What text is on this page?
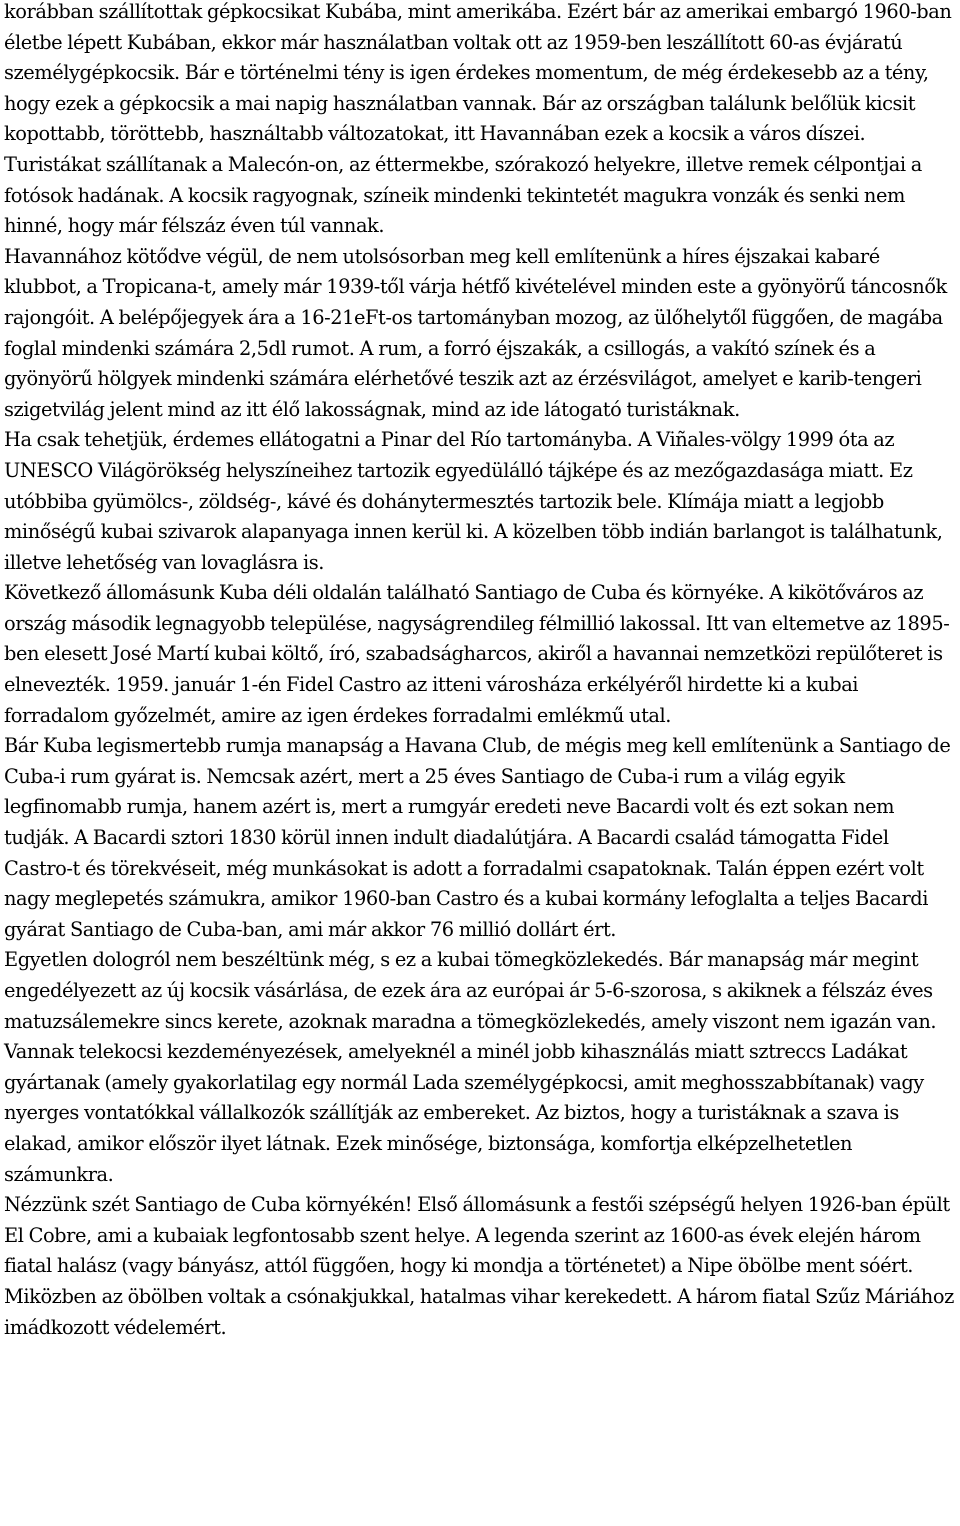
korábban szállítottak gépkocsikat Kubába, mint amerikába. Ezért bár az amerikai embargó 1960-ban életbe lépett Kubában, ekkor már használatban voltak ott az 1959-ben leszállított 60-as évjáratú személygépkocsik. Bár e történelmi tény is igen érdekes momentum, de még érdekesebb az a tény, hogy ezek a gépkocsik a mai napig használatban vannak. Bár az országban találunk belőlük kicsit kopottabb, töröttebb, használtabb változatokat, itt Havannában ezek a kocsik a város díszei. Turistákat szállítanak a Malecón-on, az éttermekbe, szórakozó helyekre, illetve remek célpontjai a fotósok hadának. A kocsik ragyognak, színeik mindenki tekintetét magukra vonzák és senki nem hinné, hogy már félszáz éven túl vannak.

Havannához kötődve végül, de nem utolsósorban meg kell említenünk a híres éjszakai kabaré klubbot, a Tropicana-t, amely már 1939-től várja hétfő kivételével minden este a gyönyörű táncosnők rajongóit. A belépőjegyek ára a 16-21eFt-os tartományban mozog, az ülőhelytől függően, de magába foglal mindenki számára 2,5dl rumot. A rum, a forró éjszakák, a csillogás, a vakító színek és a gyönyörű hölgyek mindenki számára elérhetővé teszik azt az érzésvilágot, amelyet e karib-tengeri szigetvilág jelent mind az itt élő lakosságnak, mind az ide látogató turistáknak.

Ha csak tehetjük, érdemes ellátogatni a Pinar del Río tartományba. A Viñales-völgy 1999 óta az UNESCO Világörökség helyszíneihez tartozik egyedülálló tájképe és az mezőgazdasága miatt. Ez utóbbiba gyümölcs-, zöldség-, kávé és dohánytermesztés tartozik bele. Klímája miatt a legjobb minőségű kubai szivarok alapanyaga innen kerül ki. A közelben több indián barlangot is találhatunk, illetve lehetőség van lovaglásra is.

Következő állomásunk Kuba déli oldalán található Santiago de Cuba és környéke. A kikötőváros az ország második legnagyobb települése, nagyságrendileg félmillió lakossal. Itt van eltemetve az 1895-ben elesett José Martí kubai költő, író, szabadságharcos, akiről a havannai nemzetközi repülőteret is elnevezték. 1959. január 1-én Fidel Castro az itteni városháza erkélyéről hirdette ki a kubai forradalom győzelmét, amire az igen érdekes forradalmi emlékmű utal.

Bár Kuba legismertebb rumja manapság a Havana Club, de mégis meg kell említenünk a Santiago de Cuba-i rum gyárat is. Nemcsak azért, mert a 25 éves Santiago de Cuba-i rum a világ egyik legfinomabb rumja, hanem azért is, mert a rumgyár eredeti neve Bacardi volt és ezt sokan nem tudják. A Bacardi sztori 1830 körül innen indult diadalútjára. A Bacardi család támogatta Fidel Castro-t és törekvéseit, még munkásokat is adott a forradalmi csapatoknak. Talán éppen ezért volt nagy meglepetés számukra, amikor 1960-ban Castro és a kubai kormány lefoglalta a teljes Bacardi gyárat Santiago de Cuba-ban, ami már akkor 76 millió dollárt ért.

Egyetlen dologról nem beszéltünk még, s ez a kubai tömegközlekedés. Bár manapság már megint engedélyezett az új kocsik vásárlása, de ezek ára az európai ár 5-6-szorosa, s akiknek a félszáz éves matuzsálemekre sincs kerete, azoknak maradna a tömegközlekedés, amely viszont nem igazán van. Vannak telekocsi kezdeményezések, amelyeknél a minél jobb kihasználás miatt sztreccs Ladákat gyártanak (amely gyakorlatilag egy normál Lada személygépkocsi, amit meghosszabbítanak) vagy nyerges vontatókkal vállalkozók szállítják az embereket. Az biztos, hogy a turistáknak a szava is elakad, amikor először ilyet látnak. Ezek minősége, biztonsága, komfortja elképzelhetetlen számunkra.

Nézzünk szét Santiago de Cuba környékén! Első állomásunk a festői szépségű helyen 1926-ban épült El Cobre, ami a kubaiak legfontosabb szent helye. A legenda szerint az 1600-as évek elején három fiatal halász (vagy bányász, attól függően, hogy ki mondja a történetet) a Nipe öbölbe ment sóért. Miközben az öbölben voltak a csónakjukkal, hatalmas vihar kerekedett. A három fiatal Szűz Máriához imádkozott védelemért.
